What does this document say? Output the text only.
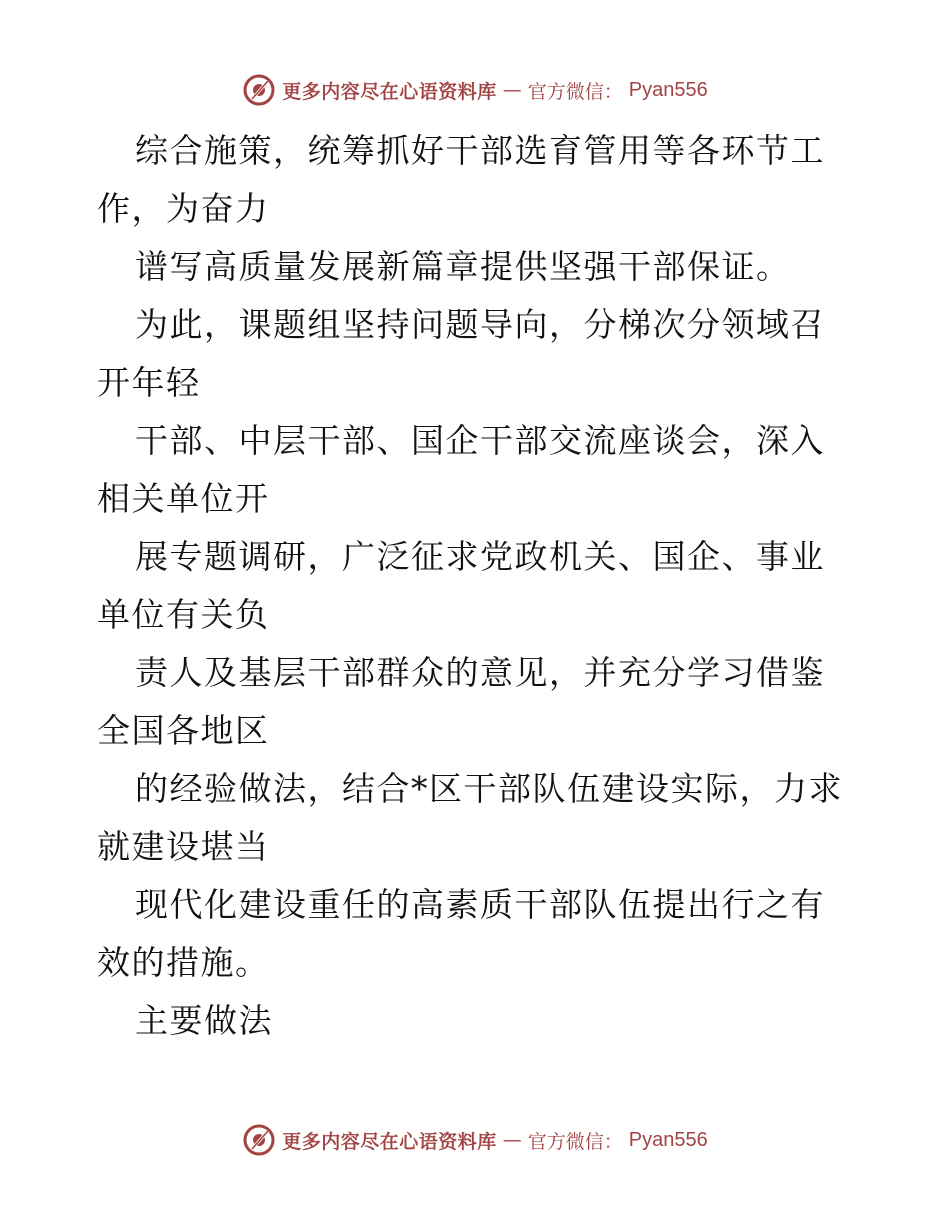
更多内容尽在心语资料库 — 官方微信： Pyan556

综合施策，统筹抓好干部选育管用等各环节工作，为奋力

谱写高质量发展新篇章提供坚强干部保证。

为此，课题组坚持问题导向，分梯次分领域召开年轻

干部、中层干部、国企干部交流座谈会，深入相关单位开

展专题调研，广泛征求党政机关、国企、事业单位有关负

责人及基层干部群众的意见，并充分学习借鉴全国各地区

的经验做法，结合*区干部队伍建设实际，力求就建设堪当

现代化建设重任的高素质干部队伍提出行之有效的措施。

主要做法

更多内容尽在心语资料库 — 官方微信： Pyan556
